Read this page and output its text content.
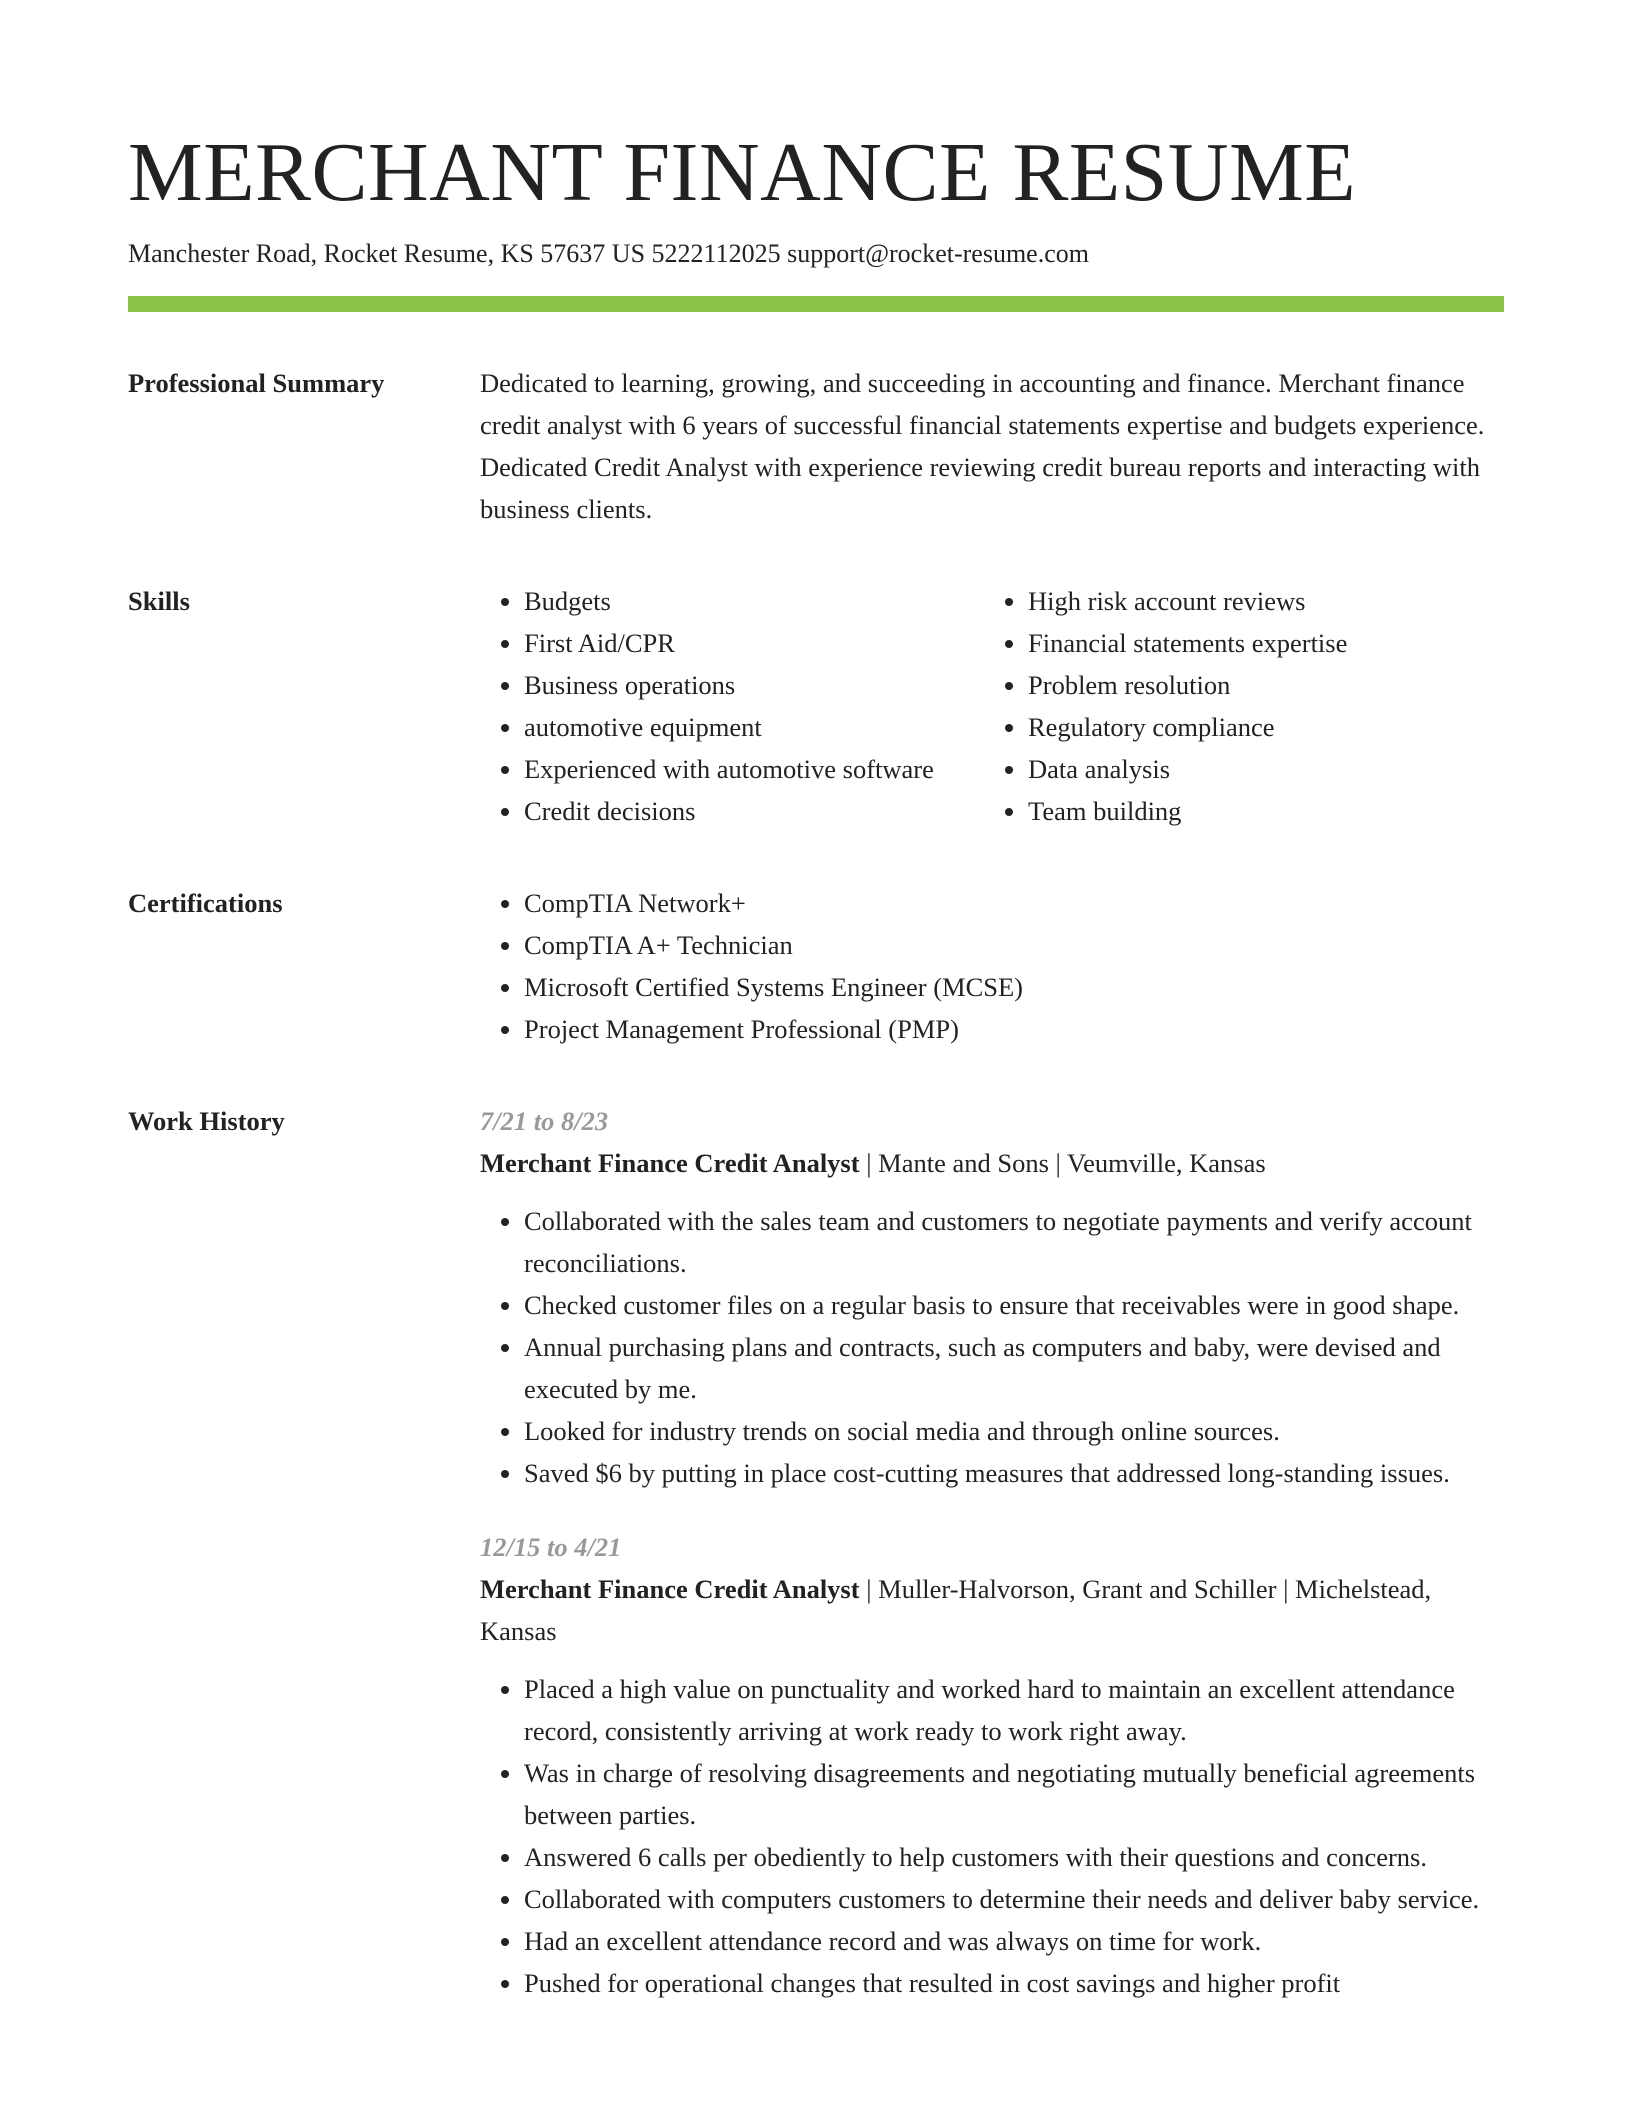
MERCHANT FINANCE RESUME
Manchester Road, Rocket Resume, KS 57637 US 5222112025 support@rocket-resume.com
Professional Summary	Dedicated to learning, growing, and succeeding in accounting and finance. Merchant finance credit analyst with 6 years of successful financial statements expertise and budgets experience. Dedicated Credit Analyst with experience reviewing credit bureau reports and interacting with business clients.

Skills	• Budgets
• First Aid/CPR
• Business operations
• automotive equipment
• Experienced with automotive software
• Credit decisions
• High risk account reviews
• Financial statements expertise
• Problem resolution
• Regulatory compliance
• Data analysis
• Team building
Certifications	• CompTIA Network+
• CompTIA A+ Technician
• Microsoft Certified Systems Engineer (MCSE)
• Project Management Professional (PMP)
Work History	7/21 to 8/23

Merchant Finance Credit Analyst | Mante and Sons | Veumville, Kansas

• Collaborated with the sales team and customers to negotiate payments and verify account reconciliations.
• Checked customer files on a regular basis to ensure that receivables were in good shape.
• Annual purchasing plans and contracts, such as computers and baby, were devised and executed by me.
• Looked for industry trends on social media and through online sources.
• Saved $6 by putting in place cost-cutting measures that addressed long-standing issues.
12/15 to 4/21

Merchant Finance Credit Analyst | Muller-Halvorson, Grant and Schiller | Michelstead, Kansas

• Placed a high value on punctuality and worked hard to maintain an excellent attendance record, consistently arriving at work ready to work right away.
• Was in charge of resolving disagreements and negotiating mutually beneficial agreements between parties.
• Answered 6 calls per obediently to help customers with their questions and concerns.
• Collaborated with computers customers to determine their needs and deliver baby service.
• Had an excellent attendance record and was always on time for work.
• Pushed for operational changes that resulted in cost savings and higher profit
